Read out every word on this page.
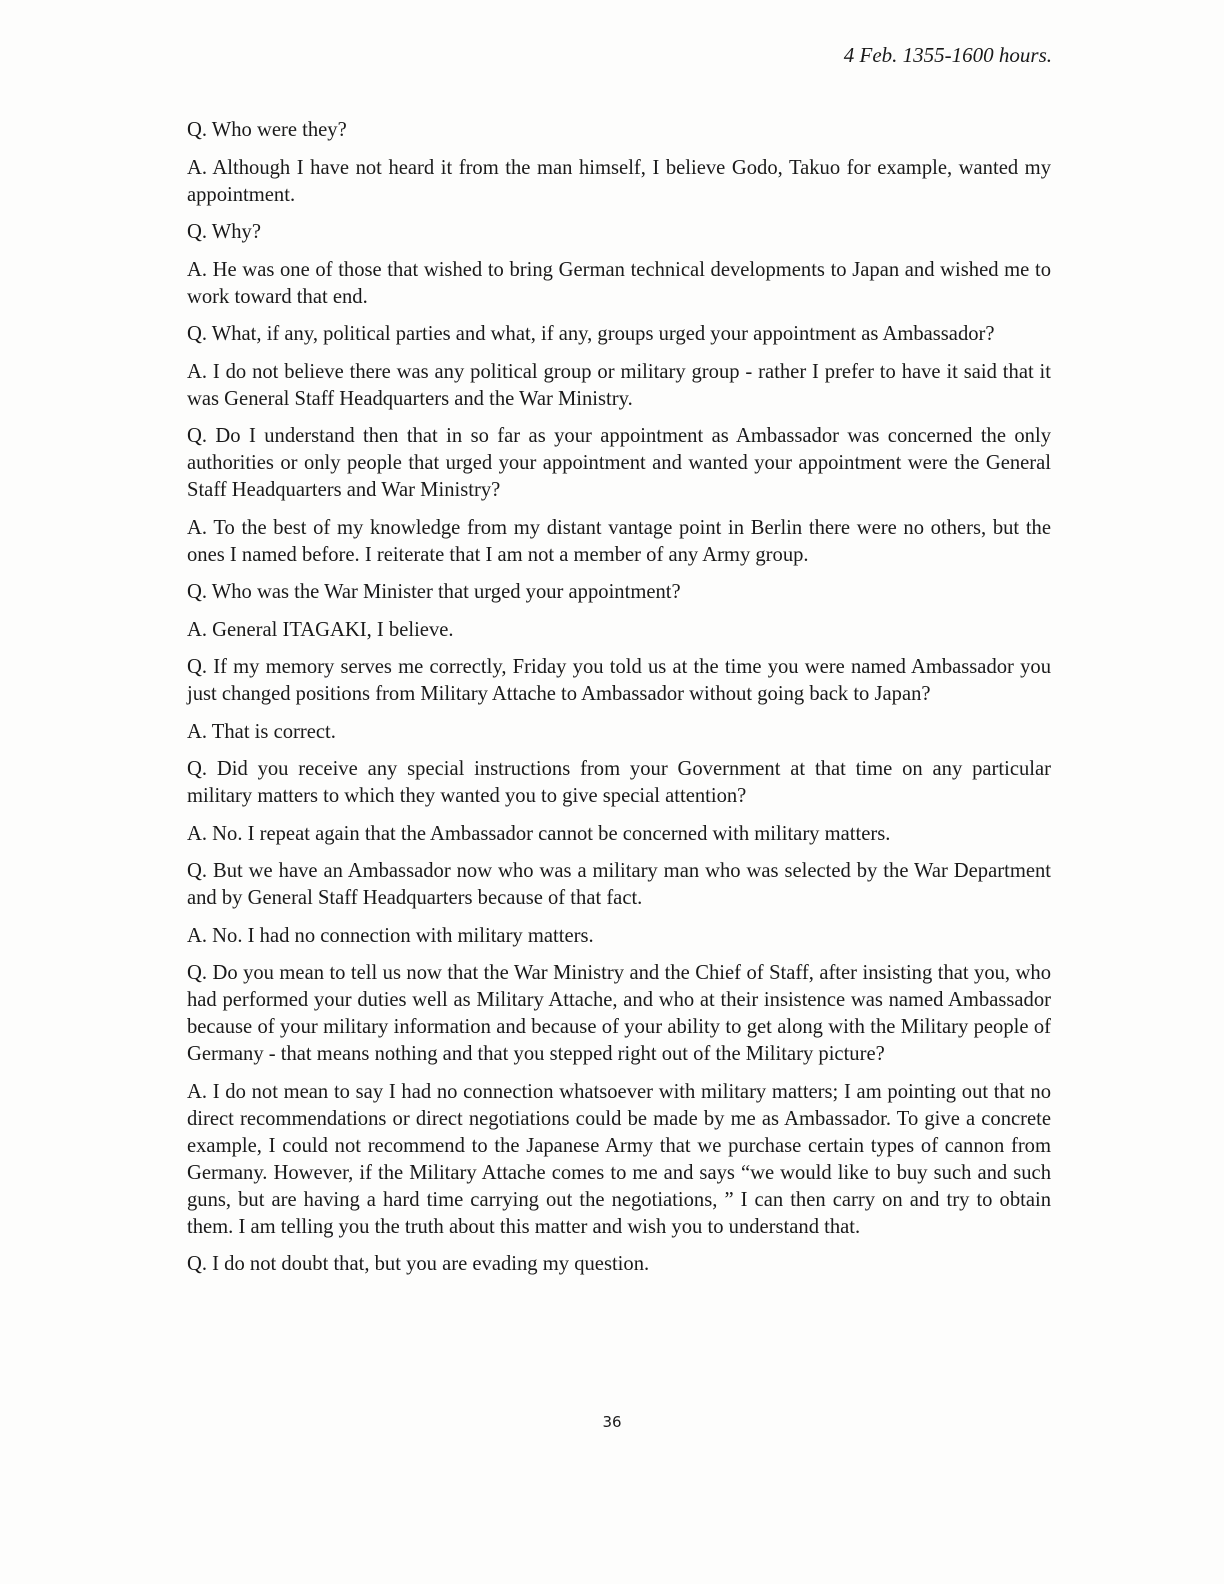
4 Feb. 1355-1600 hours.

Q. Who were they?

A. Although I have not heard it from the man himself, I believe Godo, Takuo for example, wanted my appointment.

Q. Why?

A. He was one of those that wished to bring German technical developments to Japan and wished me to work toward that end.

Q. What, if any, political parties and what, if any, groups urged your appointment as Ambassador?

A. I do not believe there was any political group or military group - rather I prefer to have it said that it was General Staff Headquarters and the War Ministry.

Q. Do I understand then that in so far as your appointment as Ambassador was concerned the only authorities or only people that urged your appointment and wanted your appointment were the General Staff Headquarters and War Ministry?

A. To the best of my knowledge from my distant vantage point in Berlin there were no others, but the ones I named before. I reiterate that I am not a member of any Army group.

Q. Who was the War Minister that urged your appointment?

A. General ITAGAKI, I believe.

Q. If my memory serves me correctly, Friday you told us at the time you were named Ambassador you just changed positions from Military Attache to Ambassador without going back to Japan?

A. That is correct.

Q. Did you receive any special instructions from your Government at that time on any particular military matters to which they wanted you to give special attention?

A. No. I repeat again that the Ambassador cannot be concerned with military matters.

Q. But we have an Ambassador now who was a military man who was selected by the War Department and by General Staff Headquarters because of that fact.

A. No. I had no connection with military matters.

Q. Do you mean to tell us now that the War Ministry and the Chief of Staff, after insisting that you, who had performed your duties well as Military Attache, and who at their insistence was named Ambassador because of your military information and because of your ability to get along with the Military people of Germany - that means nothing and that you stepped right out of the Military picture?

A. I do not mean to say I had no connection whatsoever with military matters; I am pointing out that no direct recommendations or direct negotiations could be made by me as Ambassador. To give a concrete example, I could not recommend to the Japanese Army that we purchase certain types of cannon from Germany. However, if the Military Attache comes to me and says “we would like to buy such and such guns, but are having a hard time carrying out the negotiations, ” I can then carry on and try to obtain them. I am telling you the truth about this matter and wish you to understand that.

Q. I do not doubt that, but you are evading my question.

36
